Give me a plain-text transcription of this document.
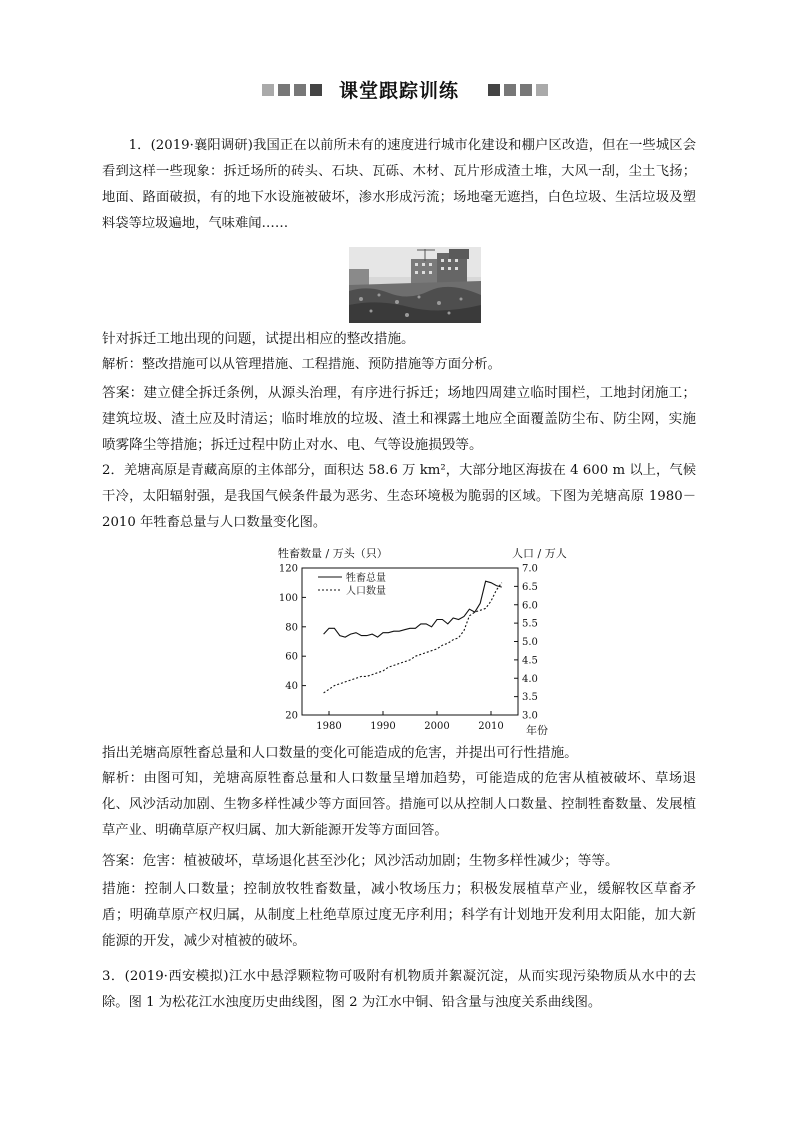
课堂跟踪训练
1．(2019·襄阳调研)我国正在以前所未有的速度进行城市化建设和棚户区改造，但在一些城区会看到这样一些现象：拆迁场所的砖头、石块、瓦砾、木材、瓦片形成渣土堆，大风一刮，尘土飞扬；地面、路面破损，有的地下水设施被破坏，渗水形成污流；场地毫无遮挡，白色垃圾、生活垃圾及塑料袋等垃圾遍地，气味难闻……
针对拆迁工地出现的问题，试提出相应的整改措施。
解析：整改措施可以从管理措施、工程措施、预防措施等方面分析。
答案：建立健全拆迁条例，从源头治理，有序进行拆迁；场地四周建立临时围栏，工地封闭施工；建筑垃圾、渣土应及时清运；临时堆放的垃圾、渣土和裸露土地应全面覆盖防尘布、防尘网，实施喷雾降尘等措施；拆迁过程中防止对水、电、气等设施损毁等。
2．羌塘高原是青藏高原的主体部分，面积达 58.6 万 km²，大部分地区海拔在 4 600 m 以上，气候干冷，太阳辐射强，是我国气候条件最为恶劣、生态环境极为脆弱的区域。下图为羌塘高原 1980－2010 年牲畜总量与人口数量变化图。
牲畜数量 / 万头（只）	人口 / 万人
年份
20
40
60
80
100
120
3.0
3.5
4.0
4.5
5.0
5.5
6.0
6.5
7.0
1980	1990	2000	2010
牲畜总量
人口数量
指出羌塘高原牲畜总量和人口数量的变化可能造成的危害，并提出可行性措施。
解析：由图可知，羌塘高原牲畜总量和人口数量呈增加趋势，可能造成的危害从植被破坏、草场退化、风沙活动加剧、生物多样性减少等方面回答。措施可以从控制人口数量、控制牲畜数量、发展植草产业、明确草原产权归属、加大新能源开发等方面回答。
答案：危害：植被破坏，草场退化甚至沙化；风沙活动加剧；生物多样性减少；等等。
措施：控制人口数量；控制放牧牲畜数量，减小牧场压力；积极发展植草产业，缓解牧区草畜矛盾；明确草原产权归属，从制度上杜绝草原过度无序利用；科学有计划地开发利用太阳能，加大新能源的开发，减少对植被的破坏。
3．(2019·西安模拟)江水中悬浮颗粒物可吸附有机物质并絮凝沉淀，从而实现污染物质从水中的去除。图 1 为松花江水浊度历史曲线图，图 2 为江水中铜、铅含量与浊度关系曲线图。
